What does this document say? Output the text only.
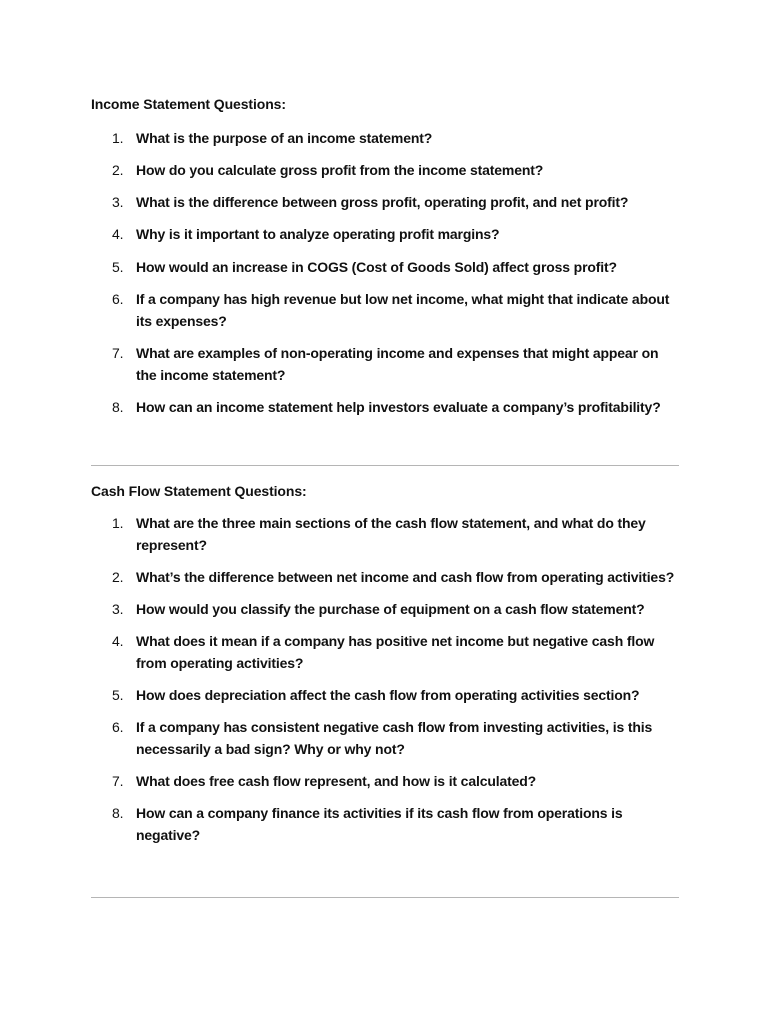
Income Statement Questions:
1. What is the purpose of an income statement?
2. How do you calculate gross profit from the income statement?
3. What is the difference between gross profit, operating profit, and net profit?
4. Why is it important to analyze operating profit margins?
5. How would an increase in COGS (Cost of Goods Sold) affect gross profit?
6. If a company has high revenue but low net income, what might that indicate about its expenses?
7. What are examples of non-operating income and expenses that might appear on the income statement?
8. How can an income statement help investors evaluate a company’s profitability?
Cash Flow Statement Questions:
1. What are the three main sections of the cash flow statement, and what do they represent?
2. What’s the difference between net income and cash flow from operating activities?
3. How would you classify the purchase of equipment on a cash flow statement?
4. What does it mean if a company has positive net income but negative cash flow from operating activities?
5. How does depreciation affect the cash flow from operating activities section?
6. If a company has consistent negative cash flow from investing activities, is this necessarily a bad sign? Why or why not?
7. What does free cash flow represent, and how is it calculated?
8. How can a company finance its activities if its cash flow from operations is negative?
